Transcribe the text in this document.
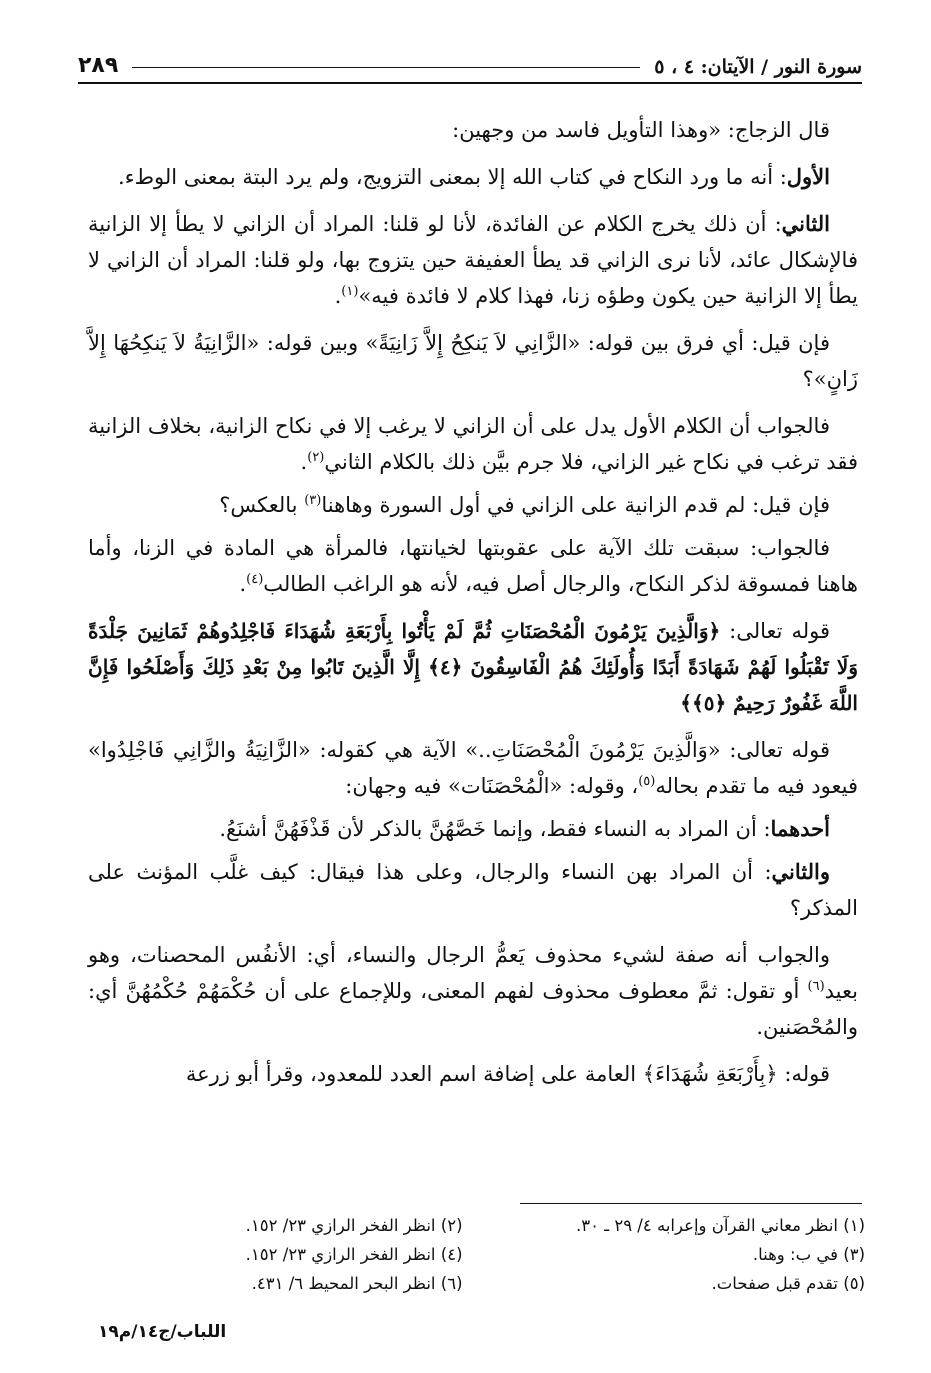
سورة النور / الآيتان: ٤ ، ٥
٢٨٩

قال الزجاج: «وهذا التأويل فاسد من وجهين:

الأول: أنه ما ورد النكاح في كتاب الله إلا بمعنى التزويج، ولم يرد البتة بمعنى الوطء.

الثاني: أن ذلك يخرج الكلام عن الفائدة، لأنا لو قلنا: المراد أن الزاني لا يطأ إلا الزانية فالإشكال عائد، لأنا نرى الزاني قد يطأ العفيفة حين يتزوج بها، ولو قلنا: المراد أن الزاني لا يطأ إلا الزانية حين يكون وطؤه زنا، فهذا كلام لا فائدة فيه»$^{(١)}$.

فإن قيل: أي فرق بين قوله: «الزَّانِي لاَ يَنكِحُ إِلاَّ زَانِيَةً» وبين قوله: «الزَّانِيَةُ لاَ يَنكِحُهَا إِلاَّ زَانٍ»؟

فالجواب أن الكلام الأول يدل على أن الزاني لا يرغب إلا في نكاح الزانية، بخلاف الزانية فقد ترغب في نكاح غير الزاني، فلا جرم بيَّن ذلك بالكلام الثاني$^{(٢)}$.

فإن قيل: لم قدم الزانية على الزاني في أول السورة وهاهنا$^{(٣)}$ بالعكس؟

فالجواب: سبقت تلك الآية على عقوبتها لخيانتها، فالمرأة هي المادة في الزنا، وأما هاهنا فمسوقة لذكر النكاح، والرجال أصل فيه، لأنه هو الراغب الطالب$^{(٤)}$.

قوله تعالى: ﴿وَالَّذِينَ يَرْمُونَ الْمُحْصَنَاتِ ثُمَّ لَمْ يَأْتُوا بِأَرْبَعَةِ شُهَدَاءَ فَاجْلِدُوهُمْ ثَمَانِينَ جَلْدَةً وَلَا تَقْبَلُوا لَهُمْ شَهَادَةً أَبَدًا وَأُولَئِكَ هُمُ الْفَاسِقُونَ ﴿٤﴾ إِلَّا الَّذِينَ تَابُوا مِنْ بَعْدِ ذَلِكَ وَأَصْلَحُوا فَإِنَّ اللَّهَ غَفُورٌ رَحِيمٌ ﴿٥﴾﴾

قوله تعالى: «وَالَّذِينَ يَرْمُونَ الْمُحْصَنَاتِ..» الآية هي كقوله: «الزَّانِيَةُ والزَّانِي فَاجْلِدُوا» فيعود فيه ما تقدم بحاله$^{(٥)}$، وقوله: «الْمُحْصَنَات» فيه وجهان:

أحدهما: أن المراد به النساء فقط، وإنما خَصَّهُنَّ بالذكر لأن قَذْفَهُنَّ أشنَعُ.

والثاني: أن المراد بهن النساء والرجال، وعلى هذا فيقال: كيف غلَّب المؤنث على المذكر؟

والجواب أنه صفة لشيء محذوف يَعمُّ الرجال والنساء، أي: الأنفُس المحصنات، وهو بعيد$^{(٦)}$ أو تقول: ثمَّ معطوف محذوف لفهم المعنى، وللإجماع على أن حُكْمَهُمْ حُكْمُهُنَّ أي: والمُحْصَنين.

قوله: ﴿بِأَرْبَعَةِ شُهَدَاءَ﴾ العامة على إضافة اسم العدد للمعدود، وقرأ أبو زرعة

(١) انظر معاني القرآن وإعرابه ٤/ ٢٩ ـ ٣٠.
(٢) انظر الفخر الرازي ٢٣/ ١٥٢.
(٣) في ب: وهنا.
(٤) انظر الفخر الرازي ٢٣/ ١٥٢.
(٥) تقدم قبل صفحات.
(٦) انظر البحر المحيط ٦/ ٤٣١.
اللباب/ج١٤/م١٩
